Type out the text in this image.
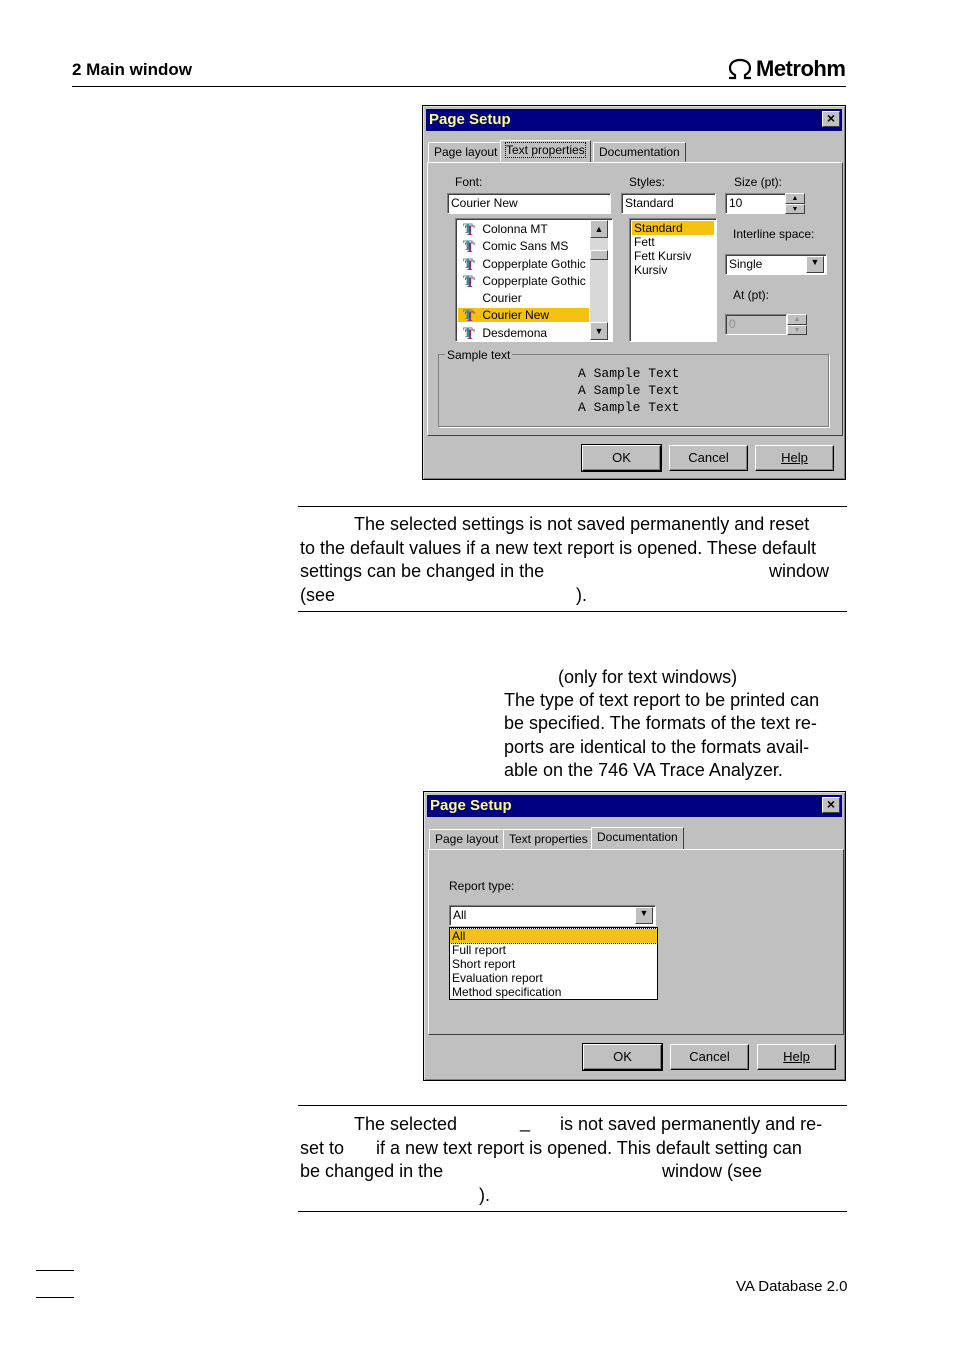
2 Main window	Metrohm
Page Setup	×
Page layout Text properties	Documentation
Font:
Courier New
Styles:
Standard
Size (pt):
10	▲
▼
T Colonna MT
T Comic Sans MS
T Copperplate Gothic
T Copperplate Gothic
Courier
T Courier New
T Desdemona
▲
▼
Standard
Fett
Fett Kursiv
Kursiv
Interline space:
Single	▼
At (pt):
0	▲
▼
Sample text
A Sample Text
A Sample Text
A Sample Text
OK	Cancel	Help
The selected settings is not saved permanently and reset
to the default values if a new text report is opened. These default
settings can be changed in the	window
(see	).
(only for text windows)
The type of text report to be printed can
be specified. The formats of the text re-
ports are identical to the formats avail-
able on the 746 VA Trace Analyzer.
Page Setup	×
Page layout Text properties Documentation
Report type:
All	▼
All
Full report
Short report
Evaluation report
Method specification
OK	Cancel	Help
The selected	_ is not saved permanently and re-
set to if a new text report is opened. This default setting can
be changed in the	window (see
).
VA Database 2.0
